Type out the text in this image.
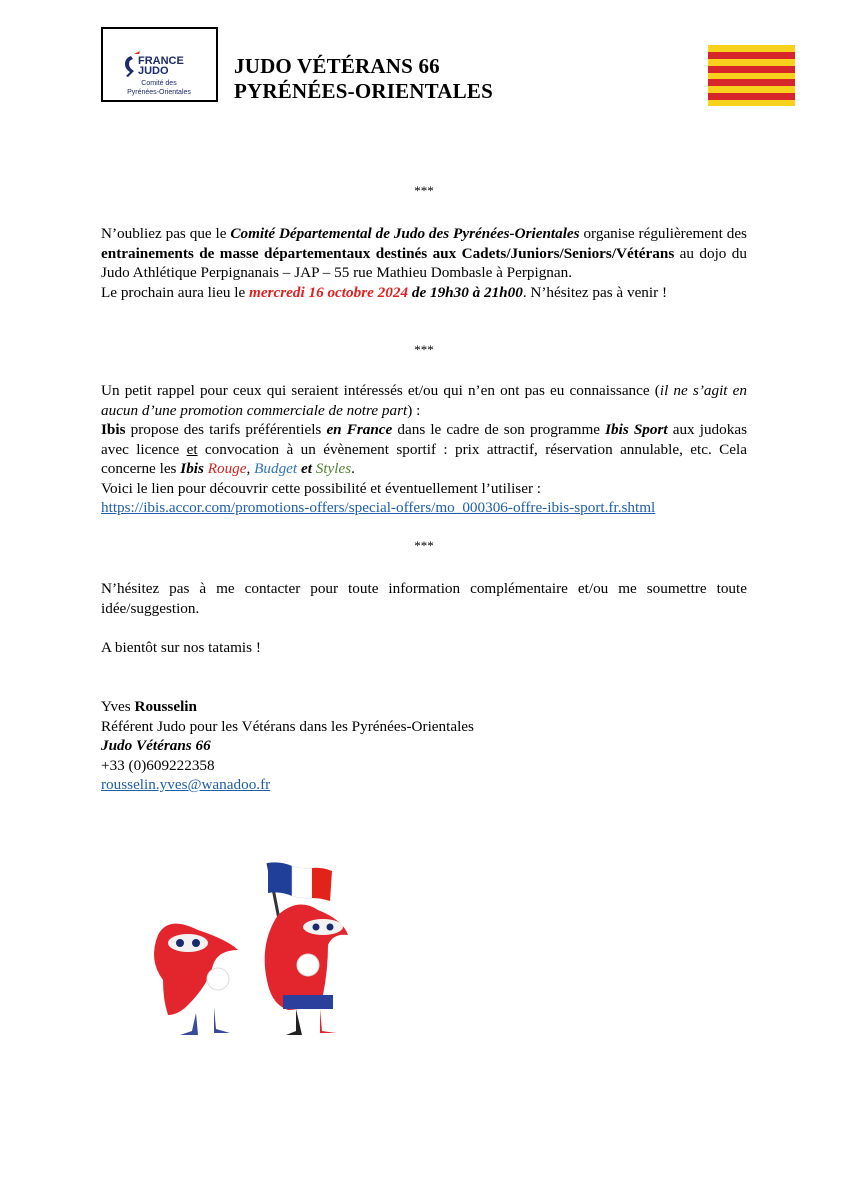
FRANCE
JUDO
Comité des
Pyrénées-Orientales
JUDO VÉTÉRANS 66
PYRÉNÉES-ORIENTALES
***
N’oubliez pas que le Comité Départemental de Judo des Pyrénées-Orientales organise régulièrement des entrainements de masse départementaux destinés aux Cadets/Juniors/Seniors/Vétérans au dojo du Judo Athlétique Perpignanais – JAP – 55 rue Mathieu Dombasle à Perpignan.
Le prochain aura lieu le mercredi 16 octobre 2024 de 19h30 à 21h00. N’hésitez pas à venir !
***
Un petit rappel pour ceux qui seraient intéressés et/ou qui n’en ont pas eu connaissance (il ne s’agit en aucun d’une promotion commerciale de notre part) :
Ibis propose des tarifs préférentiels en France dans le cadre de son programme Ibis Sport aux judokas avec licence et convocation à un évènement sportif : prix attractif, réservation annulable, etc. Cela concerne les Ibis Rouge, Budget et Styles.
Voici le lien pour découvrir cette possibilité et éventuellement l’utiliser :
https://ibis.accor.com/promotions-offers/special-offers/mo_000306-offre-ibis-sport.fr.shtml
***
N’hésitez pas à me contacter pour toute information complémentaire et/ou me soumettre toute idée/suggestion.
A bientôt sur nos tatamis !
Yves Rousselin
Référent Judo pour les Vétérans dans les Pyrénées-Orientales
Judo Vétérans 66
+33 (0)609222358
rousselin.yves@wanadoo.fr
